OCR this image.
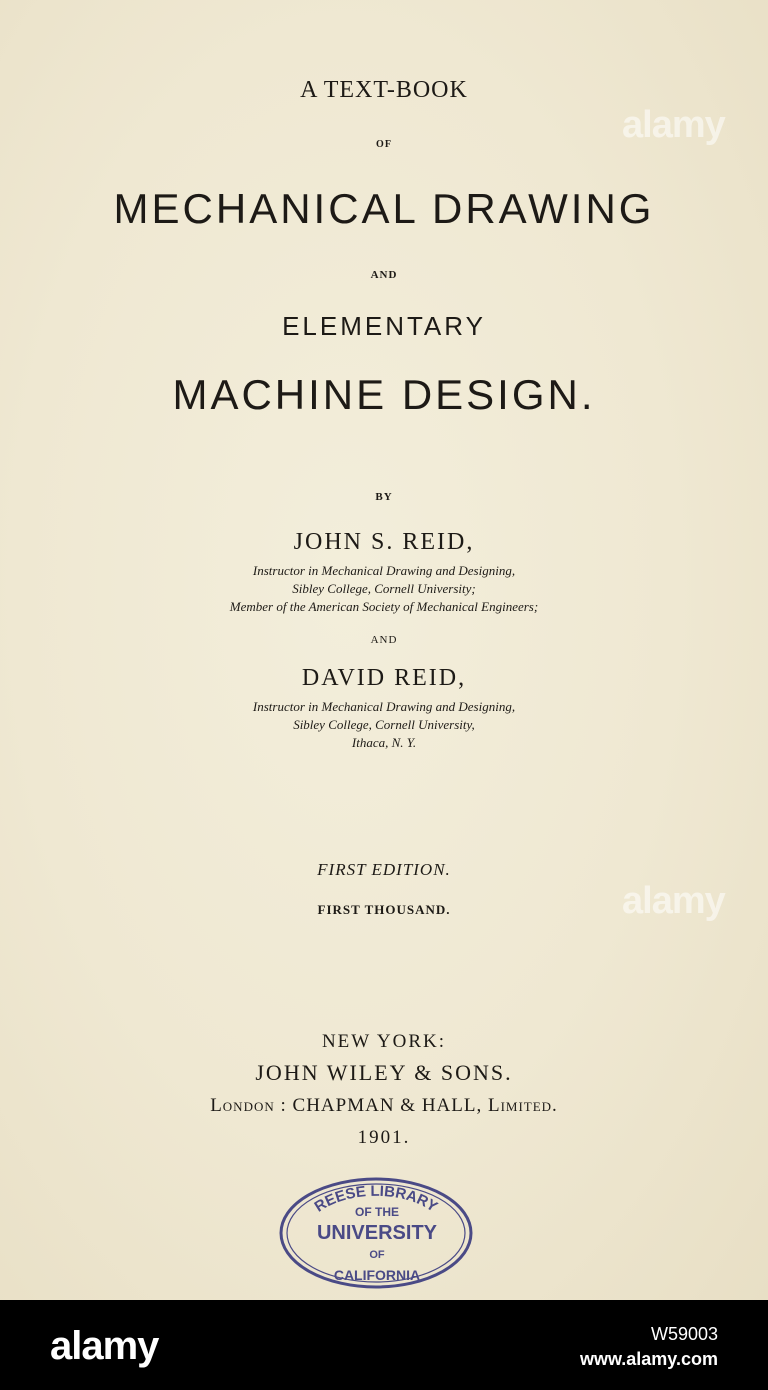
alamy
alamy

A TEXT-BOOK

OF

MECHANICAL DRAWING

AND

ELEMENTARY

MACHINE DESIGN.

BY

JOHN S. REID,

Instructor in Mechanical Drawing and Designing,

Sibley College, Cornell University;

Member of the American Society of Mechanical Engineers;

AND

DAVID REID,

Instructor in Mechanical Drawing and Designing,

Sibley College, Cornell University,

Ithaca, N. Y.

FIRST EDITION.

FIRST THOUSAND.

NEW YORK:

JOHN WILEY & SONS.

London : CHAPMAN & HALL, Limited.

1901.

REESE LIBRARY
OF THE
UNIVERSITY
OF
CALIFORNIA
alamy	W59003
www.alamy.com
